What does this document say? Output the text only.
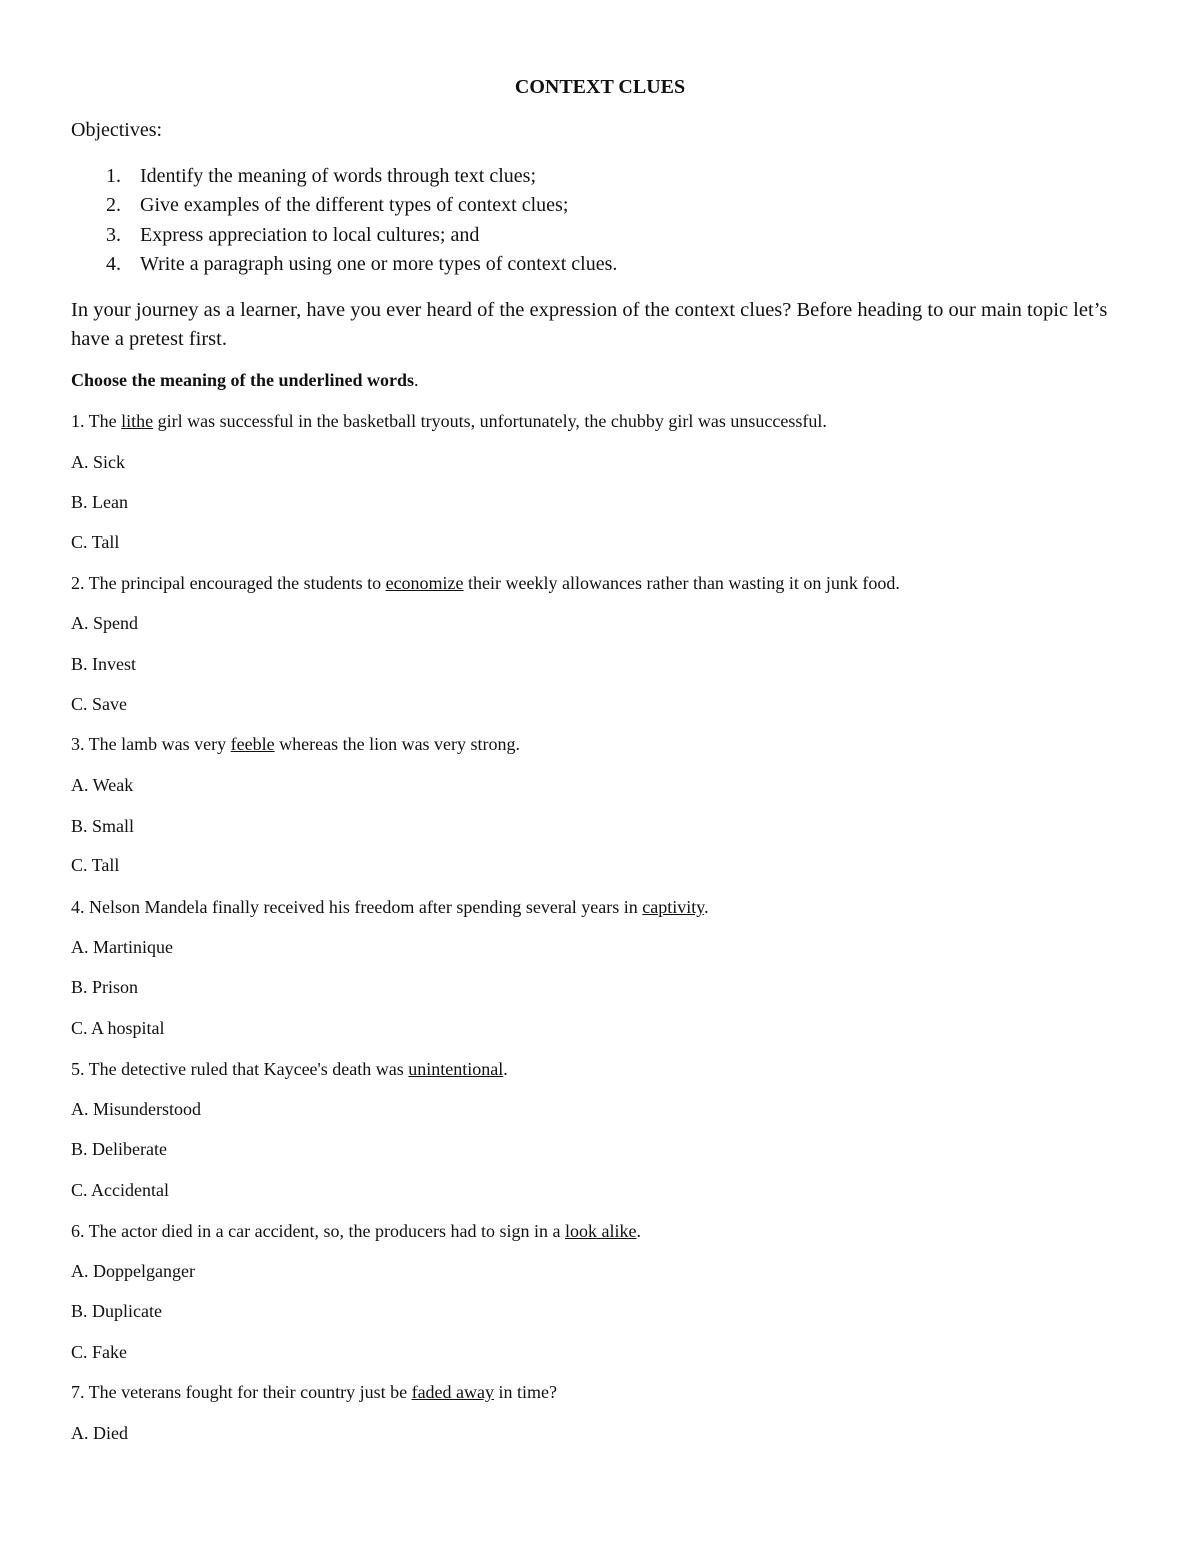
CONTEXT CLUES
Objectives:
1. Identify the meaning of words through text clues;
2. Give examples of the different types of context clues;
3. Express appreciation to local cultures; and
4. Write a paragraph using one or more types of context clues.
In your journey as a learner, have you ever heard of the expression of the context clues? Before heading to our main topic let’s have a pretest first.
Choose the meaning of the underlined words.
1. The lithe girl was successful in the basketball tryouts, unfortunately, the chubby girl was unsuccessful.
A. Sick
B. Lean
C. Tall
2. The principal encouraged the students to economize their weekly allowances rather than wasting it on junk food.
A. Spend
B. Invest
C. Save
3. The lamb was very feeble whereas the lion was very strong.
A. Weak
B. Small
C. Tall
4. Nelson Mandela finally received his freedom after spending several years in captivity.
A. Martinique
B. Prison
C. A hospital
5. The detective ruled that Kaycee's death was unintentional.
A. Misunderstood
B. Deliberate
C. Accidental
6. The actor died in a car accident, so, the producers had to sign in a look alike.
A. Doppelganger
B. Duplicate
C. Fake
7. The veterans fought for their country just be faded away in time?
A. Died
